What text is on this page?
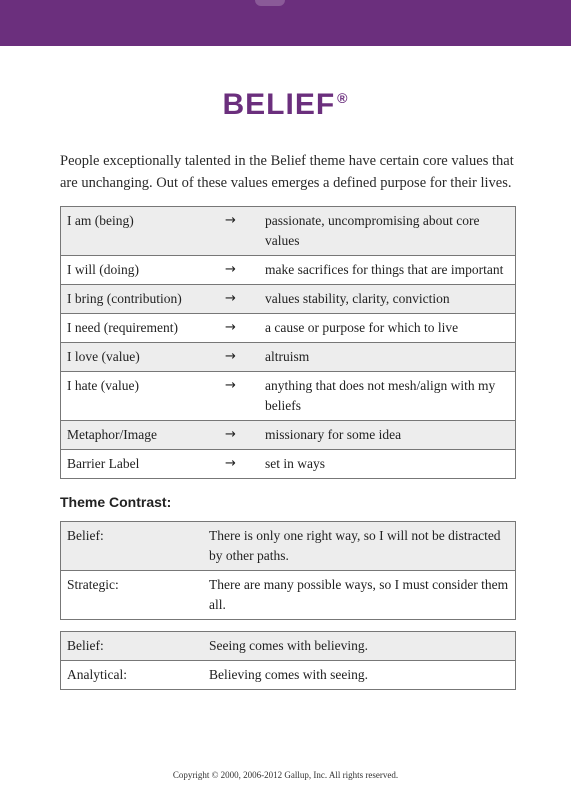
BELIEF ®
People exceptionally talented in the Belief theme have certain core values that are unchanging. Out of these values emerges a defined purpose for their lives.
I am (being)	→	passionate, uncompromising about core values
I will (doing)	→	make sacrifices for things that are important
I bring (contribution)	→	values stability, clarity, conviction
I need (requirement)	→	a cause or purpose for which to live
I love (value)	→	altruism
I hate (value)	→	anything that does not mesh/align with my beliefs
Metaphor/Image	→	missionary for some idea
Barrier Label	→	set in ways
Theme Contrast:
Belief:	There is only one right way, so I will not be distracted by other paths.
Strategic:	There are many possible ways, so I must consider them all.
Belief:	Seeing comes with believing.
Analytical:	Believing comes with seeing.
Copyright © 2000, 2006-2012 Gallup, Inc. All rights reserved.
